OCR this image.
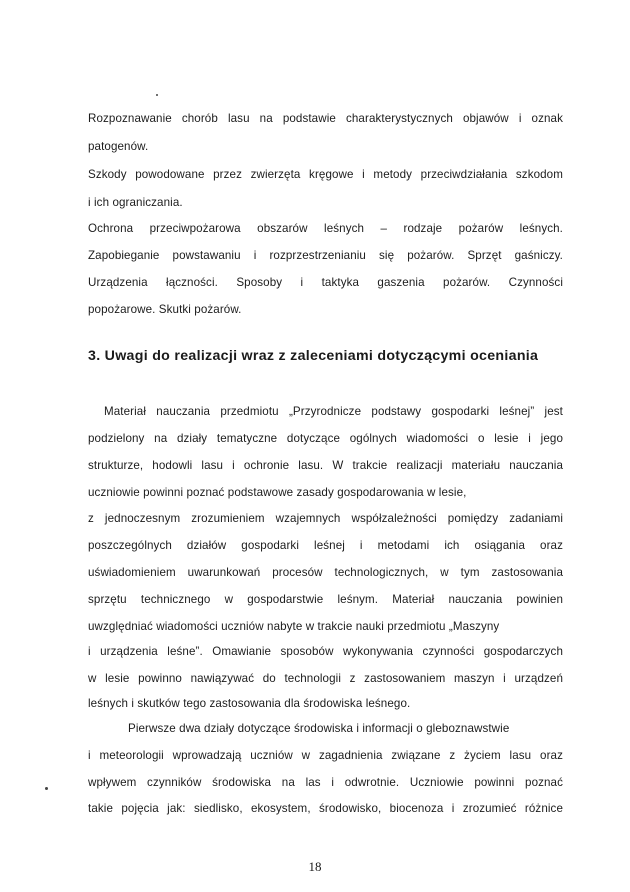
Rozpoznawanie chorób lasu na podstawie charakterystycznych objawów i oznak
patogenów.
Szkody powodowane przez zwierzęta kręgowe i metody przeciwdziałania szkodom
i ich ograniczania.
Ochrona przeciwpożarowa obszarów leśnych – rodzaje pożarów leśnych.
Zapobieganie powstawaniu i rozprzestrzenianiu się pożarów. Sprzęt gaśniczy.
Urządzenia łączności. Sposoby i taktyka gaszenia pożarów. Czynności
popożarowe. Skutki pożarów.
3. Uwagi do realizacji wraz z zaleceniami dotyczącymi oceniania
Materiał nauczania przedmiotu „Przyrodnicze podstawy gospodarki leśnej” jest
podzielony na działy tematyczne dotyczące ogólnych wiadomości o lesie i jego
strukturze, hodowli lasu i ochronie lasu. W trakcie realizacji materiału nauczania
uczniowie powinni poznać podstawowe zasady gospodarowania w lesie,
z jednoczesnym zrozumieniem wzajemnych współzależności pomiędzy zadaniami
poszczególnych działów gospodarki leśnej i metodami ich osiągania oraz
uświadomieniem uwarunkowań procesów technologicznych, w tym zastosowania
sprzętu technicznego w gospodarstwie leśnym. Materiał nauczania powinien
uwzględniać wiadomości uczniów nabyte w trakcie nauki przedmiotu „Maszyny
i urządzenia leśne”. Omawianie sposobów wykonywania czynności gospodarczych
w lesie powinno nawiązywać do technologii z zastosowaniem maszyn i urządzeń
leśnych i skutków tego zastosowania dla środowiska leśnego.
Pierwsze dwa działy dotyczące środowiska i informacji o gleboznawstwie
i meteorologii wprowadzają uczniów w zagadnienia związane z życiem lasu oraz
wpływem czynników środowiska na las i odwrotnie. Uczniowie powinni poznać
takie pojęcia jak: siedlisko, ekosystem, środowisko, biocenoza i zrozumieć różnice
18
